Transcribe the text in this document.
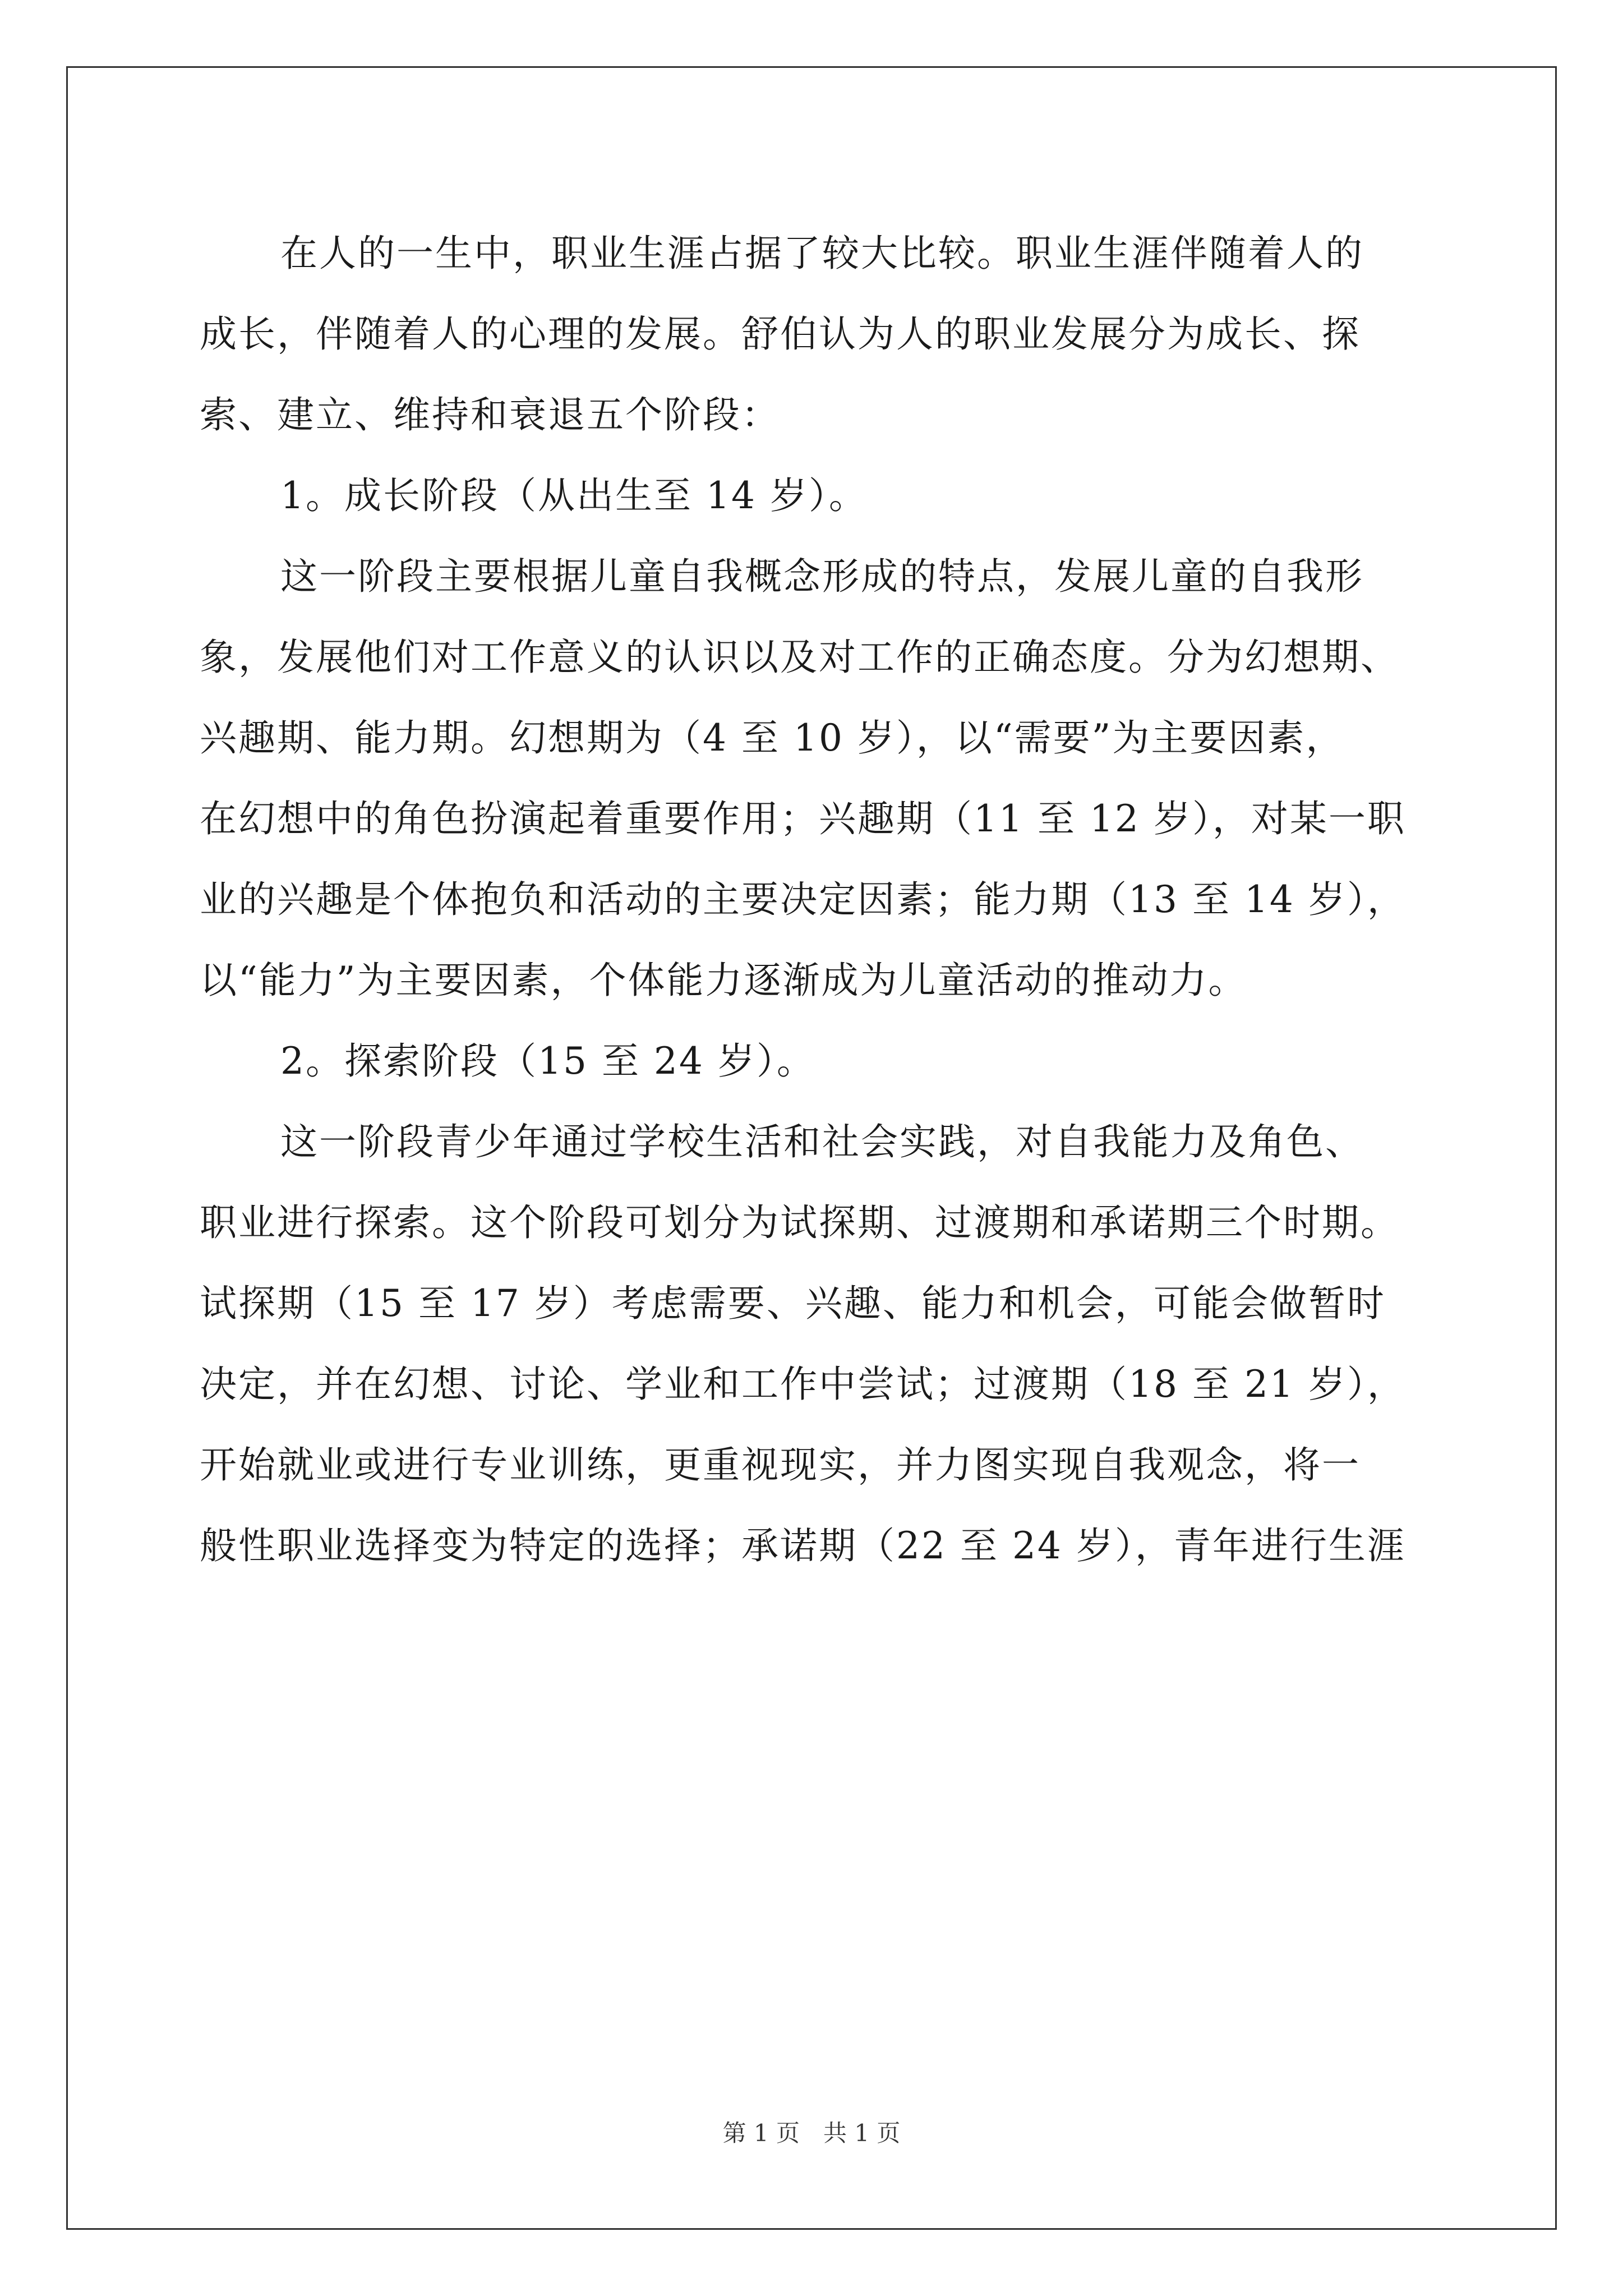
在人的一生中，职业生涯占据了较大比较。职业生涯伴随着人的
成长，伴随着人的心理的发展。舒伯认为人的职业发展分为成长、探
索、建立、维持和衰退五个阶段：
1。成长阶段（从出生至 14 岁）。
这一阶段主要根据儿童自我概念形成的特点，发展儿童的自我形
象，发展他们对工作意义的认识以及对工作的正确态度。分为幻想期、
兴趣期、能力期。幻想期为（4 至 10 岁），以“需要”为主要因素，
在幻想中的角色扮演起着重要作用；兴趣期（11 至 12 岁），对某一职
业的兴趣是个体抱负和活动的主要决定因素；能力期（13 至 14 岁），
以“能力”为主要因素，个体能力逐渐成为儿童活动的推动力。
2。探索阶段（15 至 24 岁）。
这一阶段青少年通过学校生活和社会实践，对自我能力及角色、
职业进行探索。这个阶段可划分为试探期、过渡期和承诺期三个时期。
试探期（15 至 17 岁）考虑需要、兴趣、能力和机会，可能会做暂时
决定，并在幻想、讨论、学业和工作中尝试；过渡期（18 至 21 岁），
开始就业或进行专业训练，更重视现实，并力图实现自我观念，将一
般性职业选择变为特定的选择；承诺期（22 至 24 岁），青年进行生涯
第 1 页　共 1 页
